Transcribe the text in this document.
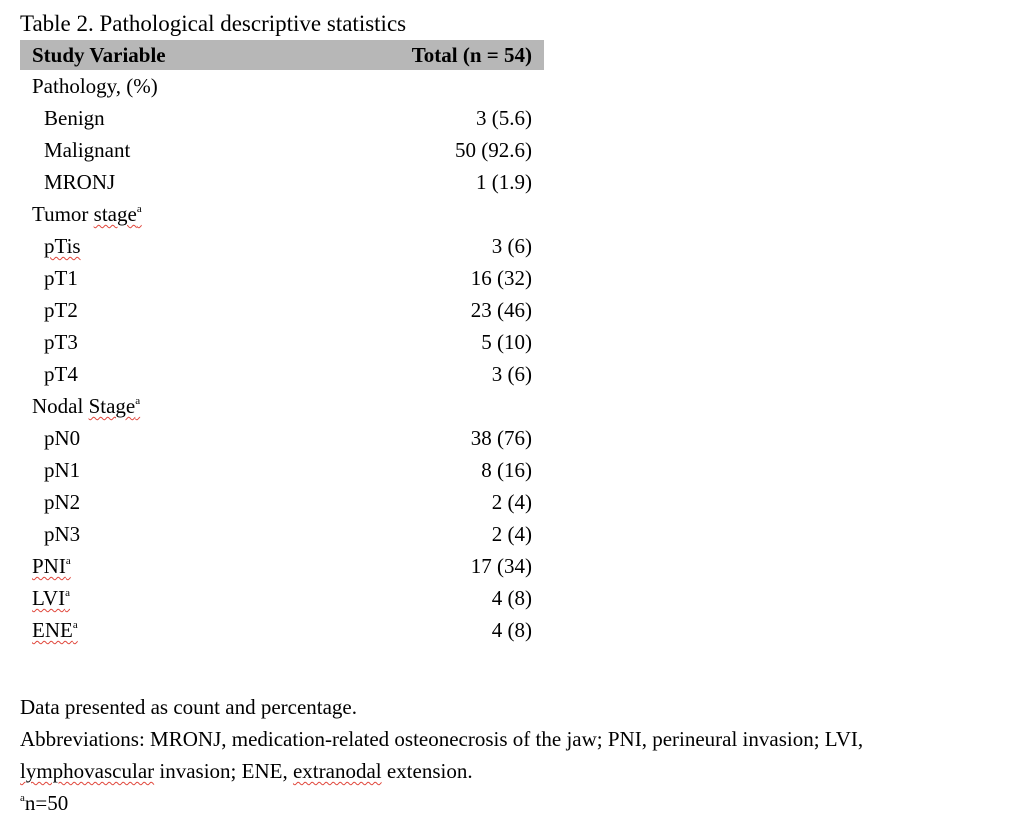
Table 2. Pathological descriptive statistics
Study Variable	Total (n = 54)
Pathology, (%)	
Benign	3 (5.6)
Malignant	50 (92.6)
MRONJ	1 (1.9)
Tumor stage$^a$	
pTis	3 (6)
pT1	16 (32)
pT2	23 (46)
pT3	5 (10)
pT4	3 (6)
Nodal Stage$^a$	
pN0	38 (76)
pN1	8 (16)
pN2	2 (4)
pN3	2 (4)
PNI$^a$	17 (34)
LVI$^a$	4 (8)
ENE$^a$	4 (8)

Data presented as count and percentage.

Abbreviations: MRONJ, medication-related osteonecrosis of the jaw; PNI, perineural invasion; LVI,

lymphovascular invasion; ENE, extranodal extension.

$^a$n=50
